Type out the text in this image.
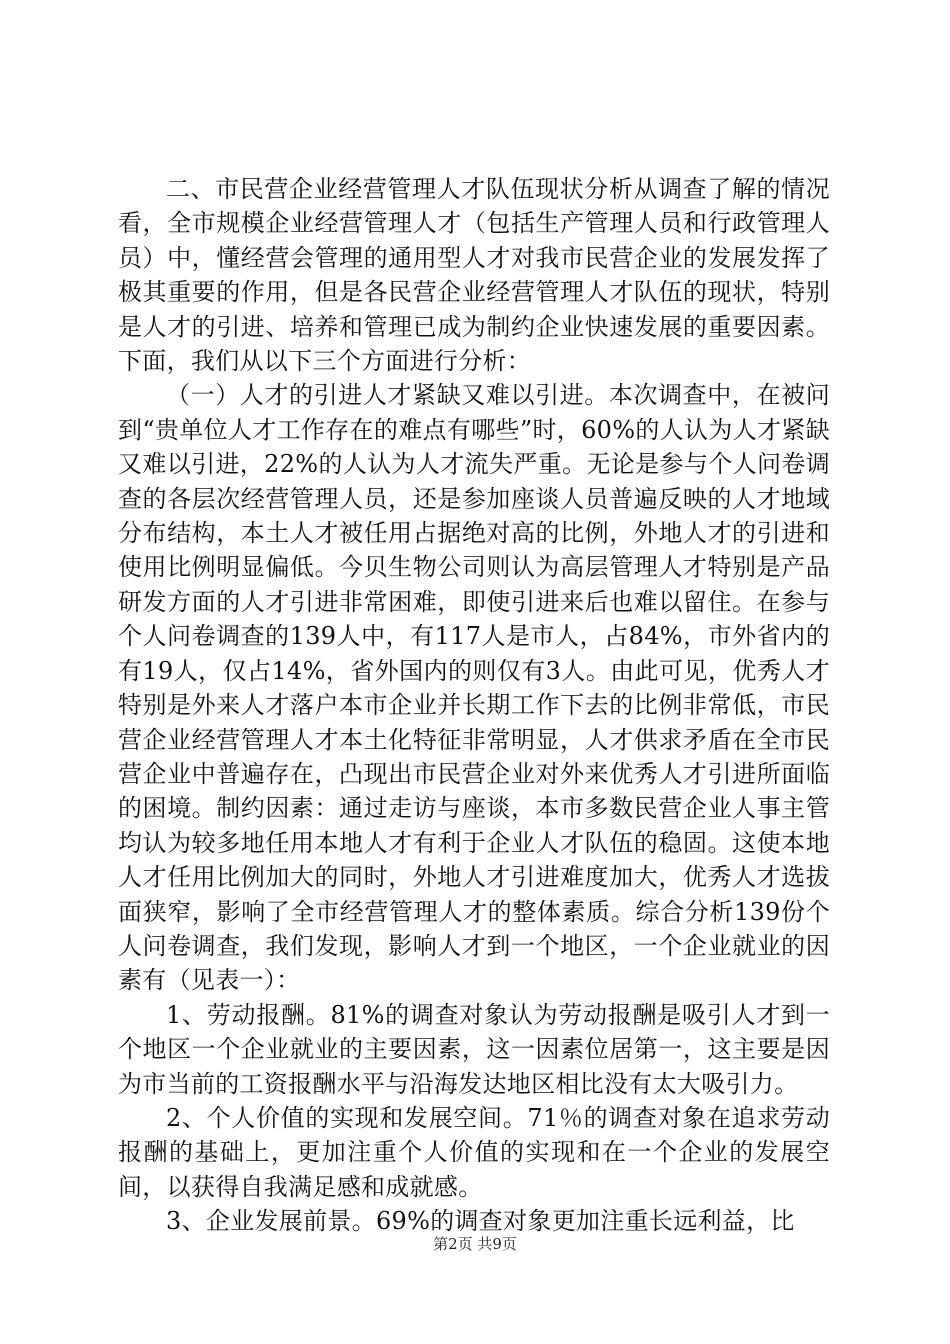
二、市民营企业经营管理人才队伍现状分析从调查了解的情况看，全市规模企业经营管理人才（包括生产管理人员和行政管理人员）中，懂经营会管理的通用型人才对我市民营企业的发展发挥了极其重要的作用，但是各民营企业经营管理人才队伍的现状，特别是人才的引进、培养和管理已成为制约企业快速发展的重要因素。下面，我们从以下三个方面进行分析：

（一）人才的引进人才紧缺又难以引进。本次调查中，在被问到“贵单位人才工作存在的难点有哪些”时，60%的人认为人才紧缺又难以引进，22%的人认为人才流失严重。无论是参与个人问卷调查的各层次经营管理人员，还是参加座谈人员普遍反映的人才地域分布结构，本土人才被任用占据绝对高的比例，外地人才的引进和使用比例明显偏低。今贝生物公司则认为高层管理人才特别是产品研发方面的人才引进非常困难，即使引进来后也难以留住。在参与个人问卷调查的139人中，有117人是市人，占84%，市外省内的有19人，仅占14%，省外国内的则仅有3人。由此可见，优秀人才特别是外来人才落户本市企业并长期工作下去的比例非常低，市民营企业经营管理人才本土化特征非常明显，人才供求矛盾在全市民营企业中普遍存在，凸现出市民营企业对外来优秀人才引进所面临的困境。制约因素：通过走访与座谈，本市多数民营企业人事主管均认为较多地任用本地人才有利于企业人才队伍的稳固。这使本地人才任用比例加大的同时，外地人才引进难度加大，优秀人才选拔面狭窄，影响了全市经营管理人才的整体素质。综合分析139份个人问卷调查，我们发现，影响人才到一个地区，一个企业就业的因素有（见表一）：

1、劳动报酬。81%的调查对象认为劳动报酬是吸引人才到一个地区一个企业就业的主要因素，这一因素位居第一，这主要是因为市当前的工资报酬水平与沿海发达地区相比没有太大吸引力。

2、个人价值的实现和发展空间。71％的调查对象在追求劳动报酬的基础上，更加注重个人价值的实现和在一个企业的发展空间，以获得自我满足感和成就感。

3、企业发展前景。69%的调查对象更加注重长远利益，比

第2页 共9页
